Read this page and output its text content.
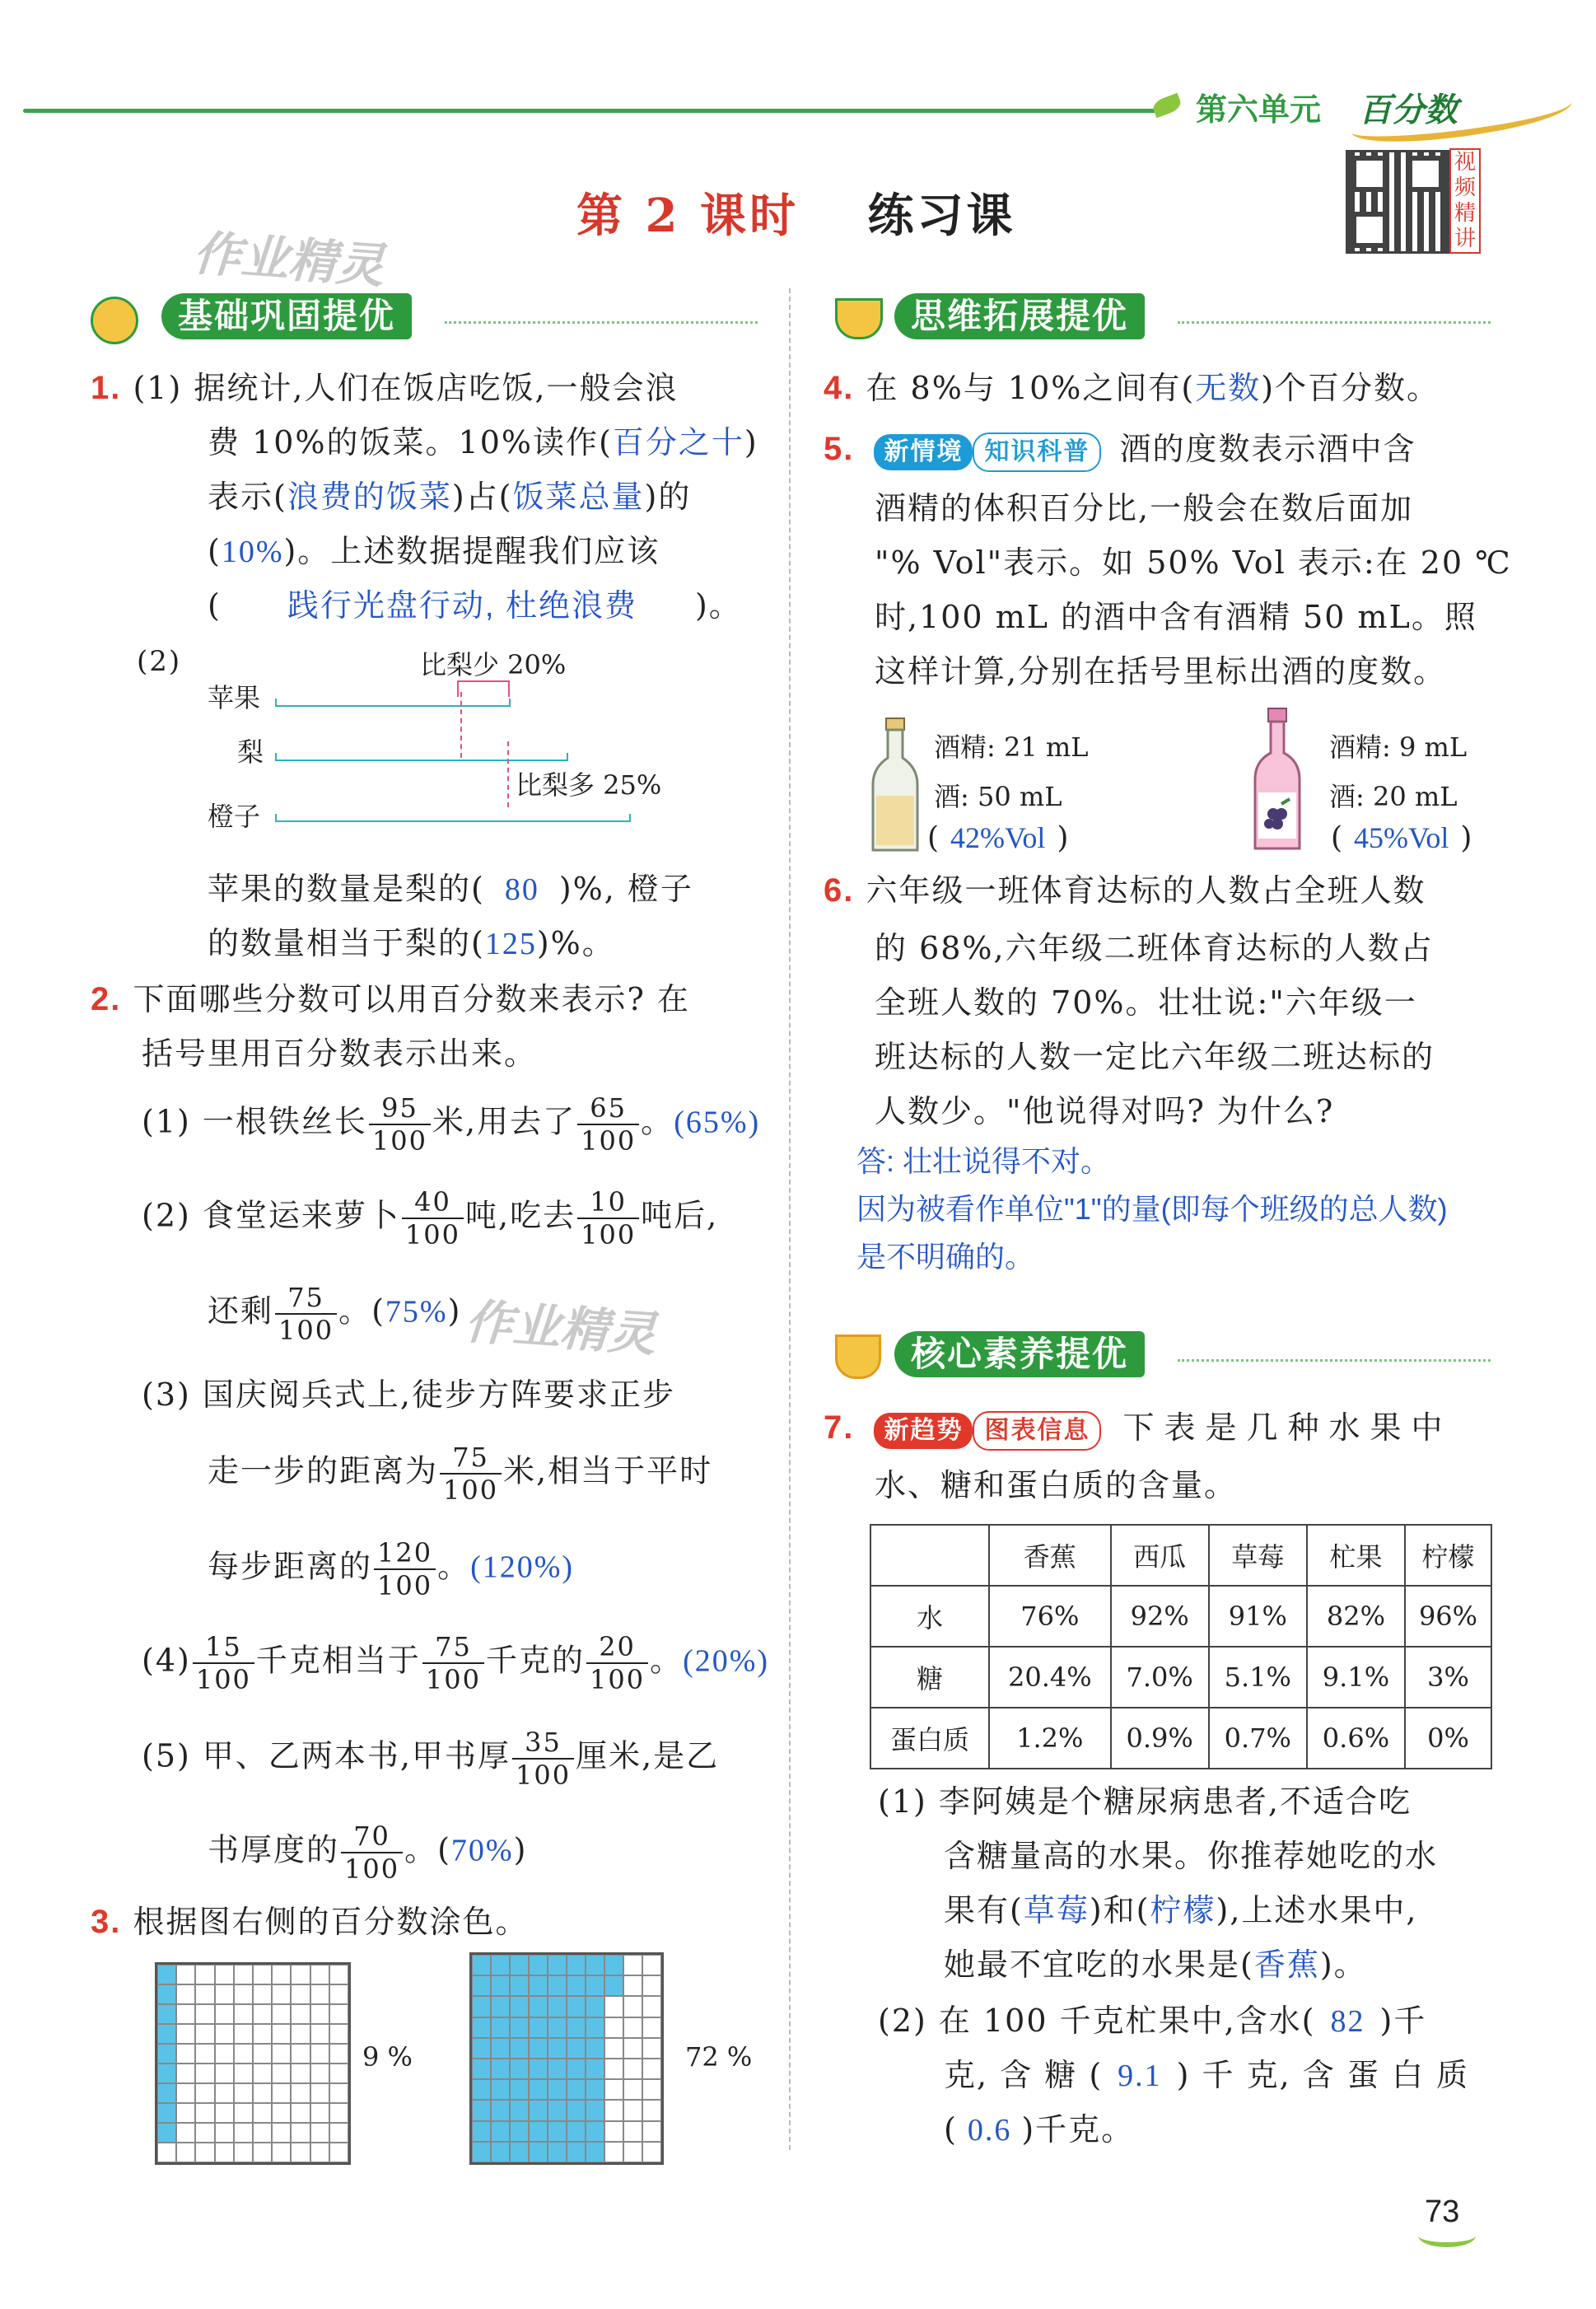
第六单元 百分数
视频精讲
第 2 课时 练习课
作业精灵
作业精灵
基础巩固提优
1. (1) 据统计,人们在饭店吃饭,一般会浪
费 10%的饭菜。10%读作(百分之十)
表示(浪费的饭菜)占(饭菜总量)的
(10%)。上述数据提醒我们应该
( 践行光盘行动, 杜绝浪费 )。
(2)	比梨少 20%
苹果
梨
比梨多 25%
橙子
苹果的数量是梨的( 80 )%, 橙子
的数量相当于梨的(125)%。
2. 下面哪些分数可以用百分数来表示? 在
括号里用百分数表示出来。
(1) 一根铁丝长 $\frac{95}{100}$ 米,用去了 $\frac{65}{100}$ 。(65%)
(2) 食堂运来萝卜 $\frac{40}{100}$ 吨,吃去 $\frac{10}{100}$ 吨后,
还剩 $\frac{75}{100}$ 。(75%)
(3) 国庆阅兵式上,徒步方阵要求正步
走一步的距离为 $\frac{75}{100}$ 米,相当于平时
每步距离的 $\frac{120}{100}$ 。(120%)
$(4) \frac{15}{100}$ 千克相当于 $\frac{75}{100}$ 千克的 $\frac{20}{100}$ 。(20%)
(5) 甲、乙两本书,甲书厚 $\frac{35}{100}$ 厘米,是乙
书厚度的 $\frac{70}{100}$ 。(70%)
3. 根据图右侧的百分数涂色。
9 %	72 %
思维拓展提优
4. 在 8%与 10%之间有(无数)个百分数。
5. 新情境 知识科普 酒的度数表示酒中含
酒精的体积百分比,一般会在数后面加
"% Vol"表示。如 50% Vol 表示:在 20 ℃
时,100 mL 的酒中含有酒精 50 mL。照
这样计算,分别在括号里标出酒的度数。
酒精: 21 mL
酒: 50 mL
( 42%Vol )
酒精: 9 mL
酒: 20 mL
( 45%Vol )
6. 六年级一班体育达标的人数占全班人数
的 68%,六年级二班体育达标的人数占
全班人数的 70%。壮壮说:"六年级一
班达标的人数一定比六年级二班达标的
人数少。"他说得对吗? 为什么?
答: 壮壮说得不对。
因为被看作单位"1"的量(即每个班级的总人数)
是不明确的。
核心素养提优
7. 新趋势 图表信息 下表是几种水果中
水、糖和蛋白质的含量。
	香蕉	西瓜	草莓	杧果	柠檬
水	76%	92%	91%	82%	96%
糖	20.4%	7.0%	5.1%	9.1%	3%
蛋白质	1.2%	0.9%	0.7%	0.6%	0%
(1) 李阿姨是个糖尿病患者,不适合吃
含糖量高的水果。你推荐她吃的水
果有(草莓)和(柠檬),上述水果中,
她最不宜吃的水果是(香蕉)。
(2) 在 100 千克杧果中,含水( 82 )千
克, 含 糖 ( 9.1 ) 千 克, 含 蛋 白 质
( 0.6 )千克。
73
